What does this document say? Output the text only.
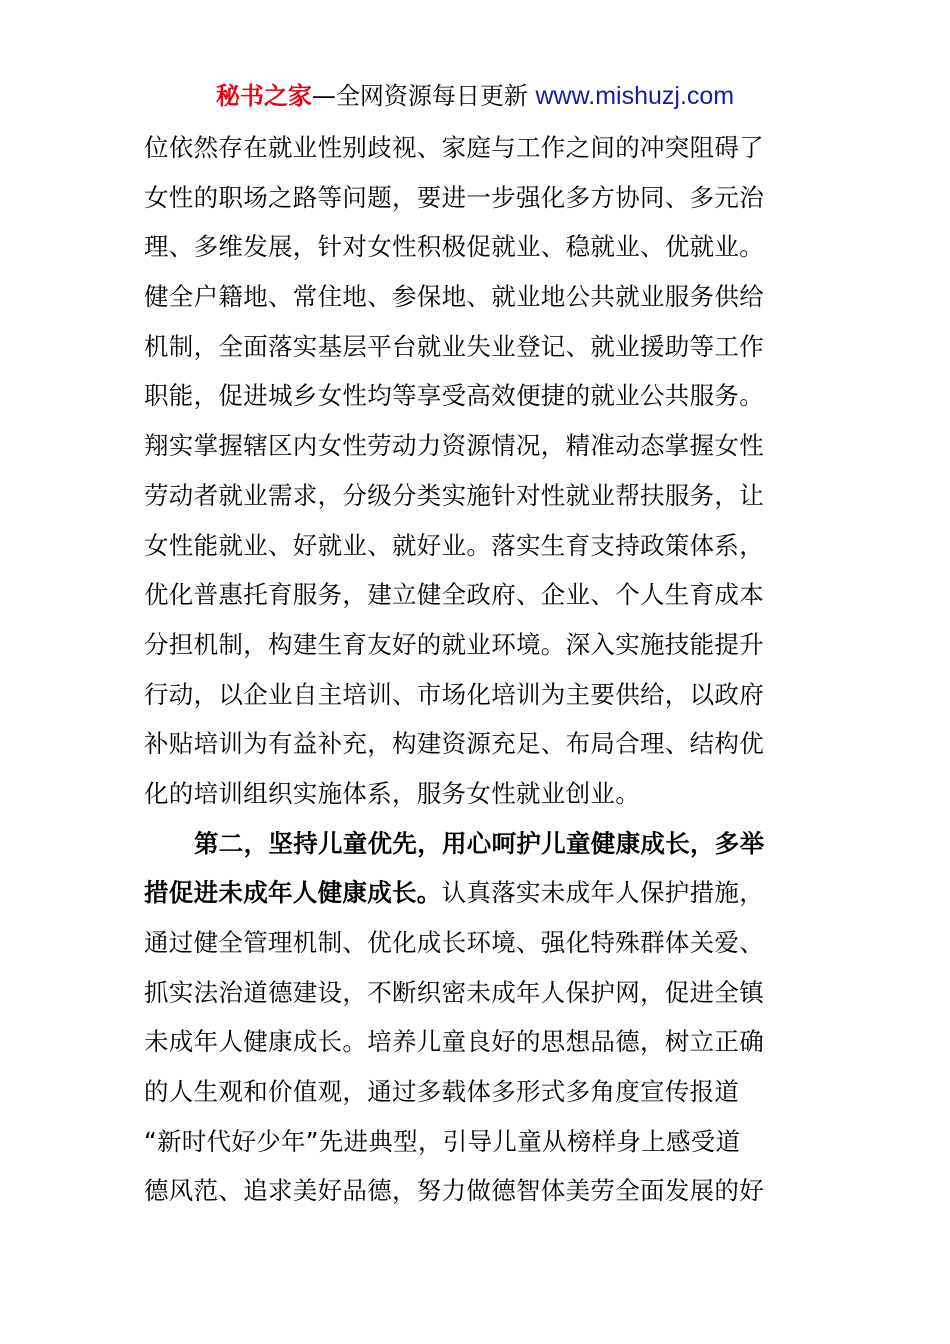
秘书之家—全网资源每日更新 www.mishuzj.com
位依然存在就业性别歧视、家庭与工作之间的冲突阻碍了
女性的职场之路等问题，要进一步强化多方协同、多元治
理、多维发展，针对女性积极促就业、稳就业、优就业。
健全户籍地、常住地、参保地、就业地公共就业服务供给
机制，全面落实基层平台就业失业登记、就业援助等工作
职能，促进城乡女性均等享受高效便捷的就业公共服务。
翔实掌握辖区内女性劳动力资源情况，精准动态掌握女性
劳动者就业需求，分级分类实施针对性就业帮扶服务，让
女性能就业、好就业、就好业。落实生育支持政策体系，
优化普惠托育服务，建立健全政府、企业、个人生育成本
分担机制，构建生育友好的就业环境。深入实施技能提升
行动，以企业自主培训、市场化培训为主要供给，以政府
补贴培训为有益补充，构建资源充足、布局合理、结构优
化的培训组织实施体系，服务女性就业创业。
第二，坚持儿童优先，用心呵护儿童健康成长，多举
措促进未成年人健康成长。认真落实未成年人保护措施，
通过健全管理机制、优化成长环境、强化特殊群体关爱、
抓实法治道德建设，不断织密未成年人保护网，促进全镇
未成年人健康成长。培养儿童良好的思想品德，树立正确
的人生观和价值观，通过多载体多形式多角度宣传报道
“新时代好少年”先进典型，引导儿童从榜样身上感受道
德风范、追求美好品德，努力做德智体美劳全面发展的好
